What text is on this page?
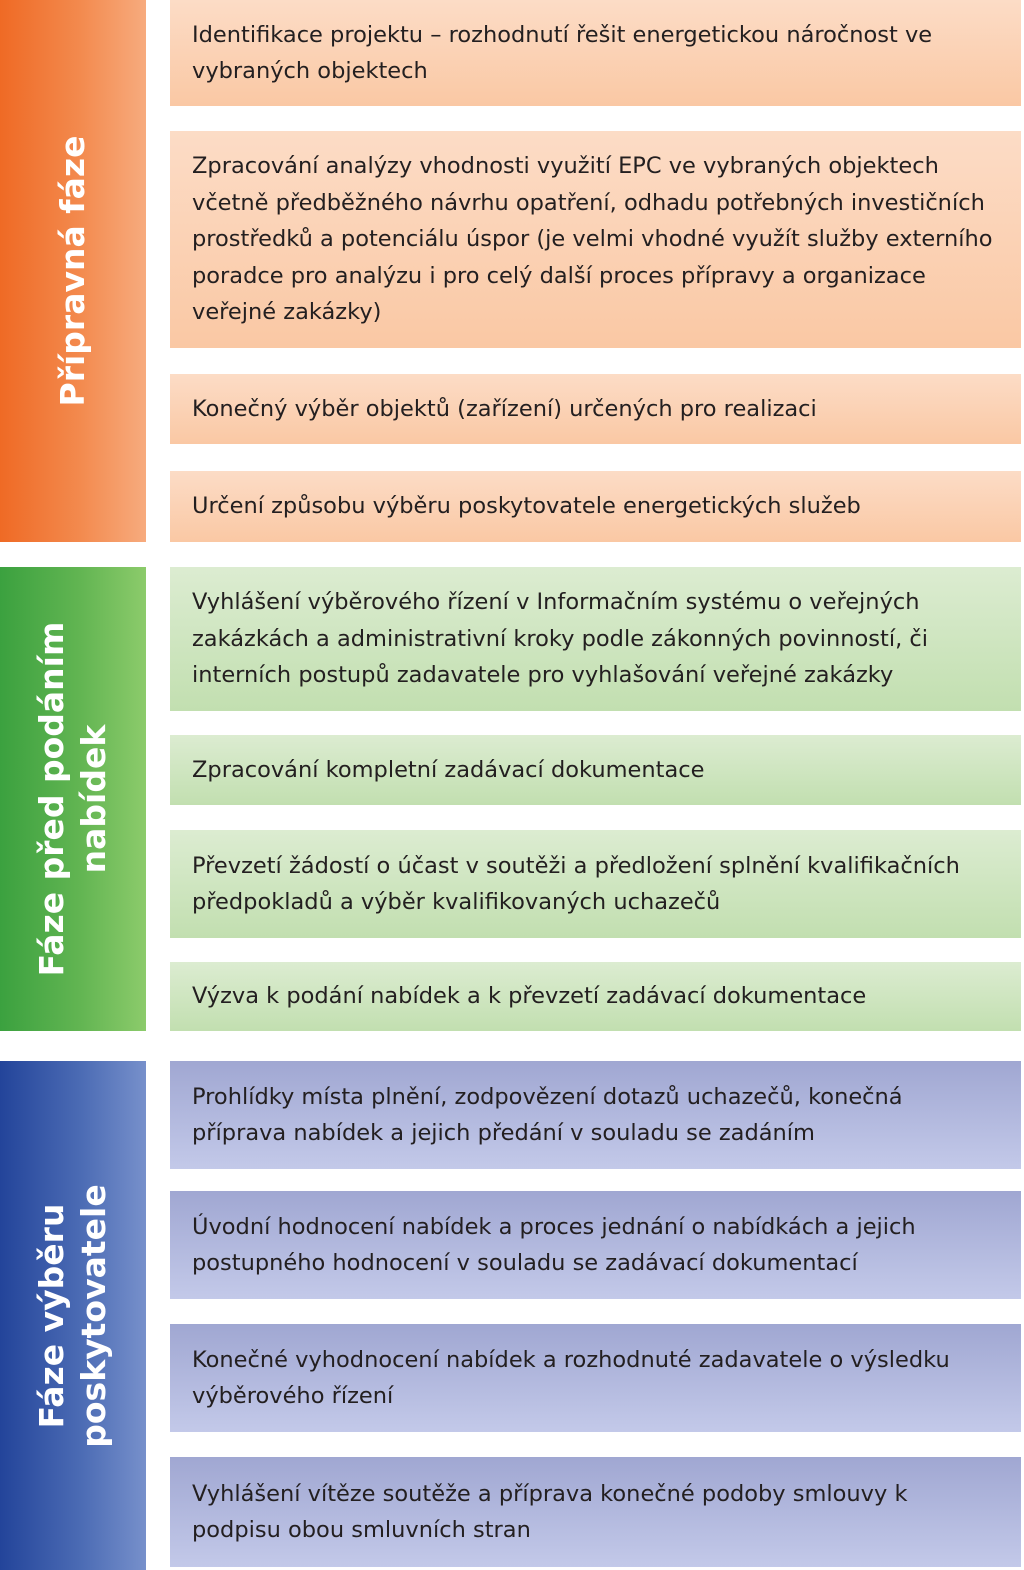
Přípravná fáze
Identifikace projektu – rozhodnutí řešit energetickou náročnost ve vybraných objektech
Zpracování analýzy vhodnosti využití EPC ve vybraných objektech včetně předběžného návrhu opatření, odhadu potřebných investičních prostředků a potenciálu úspor (je velmi vhodné využít služby externího poradce pro analýzu i pro celý další proces přípravy a organizace veřejné zakázky)
Konečný výběr objektů (zařízení) určených pro realizaci
Určení způsobu výběru poskytovatele energetických služeb
Fáze před podáním nabídek
Vyhlášení výběrového řízení v Informačním systému o veřejných zakázkách a administrativní kroky podle zákonných povinností, či interních postupů zadavatele pro vyhlašování veřejné zakázky
Zpracování kompletní zadávací dokumentace
Převzetí žádostí o účast v soutěži a předložení splnění kvalifikačních předpokladů a výběr kvalifikovaných uchazečů
Výzva k podání nabídek a k převzetí zadávací dokumentace
Fáze výběru poskytovatele
Prohlídky místa plnění, zodpovězení dotazů uchazečů, konečná příprava nabídek a jejich předání v souladu se zadáním
Úvodní hodnocení nabídek a proces jednání o nabídkách a jejich postupného hodnocení v souladu se zadávací dokumentací
Konečné vyhodnocení nabídek a rozhodnuté zadavatele o výsledku výběrového řízení
Vyhlášení vítěze soutěže a příprava konečné podoby smlouvy k podpisu obou smluvních stran
